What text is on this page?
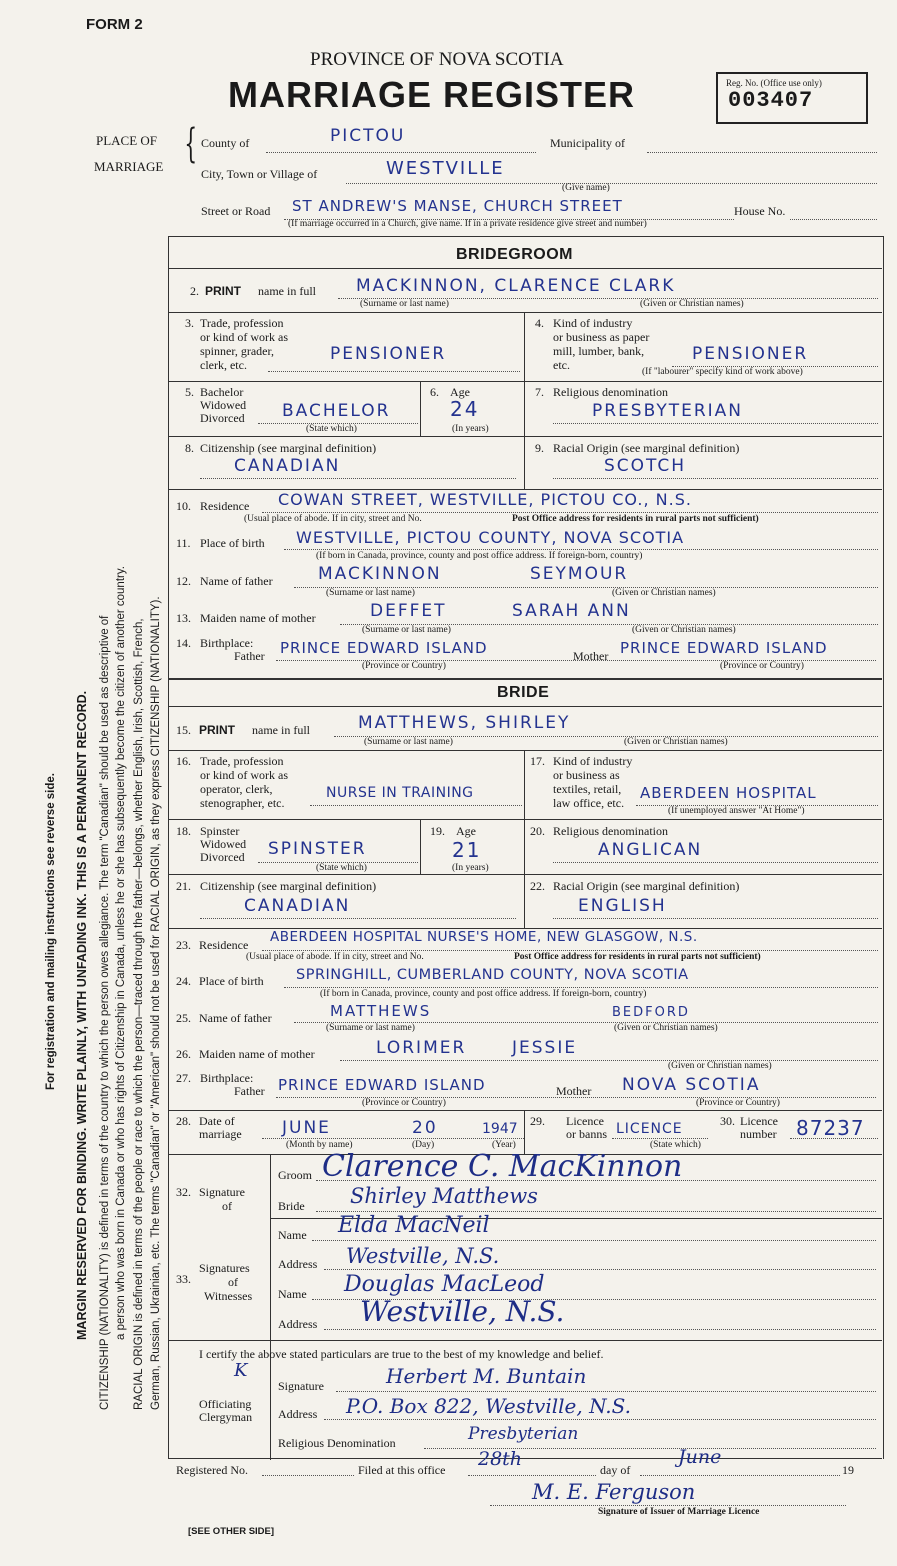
FORM 2
PROVINCE OF NOVA SCOTIA
MARRIAGE REGISTER	Reg. No. (Office use only)
003407
MARGIN RESERVED FOR BINDING. WRITE PLAINLY, WITH UNFADING INK. THIS IS A PERMANENT RECORD.
For registration and mailing instructions see reverse side.	CITIZENSHIP (NATIONALITY) is defined in terms of the country to which the person owes allegiance. The term "Canadian" should be used as descriptive of a person who was born in Canada or who has rights of Citizenship in Canada, unless he or she has subsequently become the citizen of another country. RACIAL ORIGIN is defined in terms of the people or race to which the person—traced through the father—belongs, whether English, Irish, Scottish, French, German, Russian, Ukrainian, etc. The terms "Canadian" or "American" should not be used for RACIAL ORIGIN, as they express CITIZENSHIP (NATIONALITY).
PLACE OF
MARRIAGE { County of	PICTOU	Municipality of
City, Town or Village of	WESTVILLE
(Give name)
Street or Road ST ANDREW'S MANSE, CHURCH STREET	House No.
(If marriage occurred in a Church, give name. If in a private residence give street and number)
BRIDEGROOM
2. PRINT name in full MACKINNON, CLARENCE CLARK
(Surname or last name)	(Given or Christian names)
3. Trade, profession
or kind of work as
spinner, grader,
clerk, etc.
PENSIONER
4. Kind of industry
or business as paper
mill, lumber, bank,
etc.
PENSIONER
(If "labourer" specify kind of work above)
5. Bachelor
Widowed
Divorced BACHELOR
(State which)
6. Age
24
(In years)
7. Religious denomination
PRESBYTERIAN
8. Citizenship (see marginal definition)
CANADIAN
9. Racial Origin (see marginal definition)
SCOTCH
10. Residence COWAN STREET, WESTVILLE, PICTOU CO., N.S.
(Usual place of abode. If in city, street and No.	Post Office address for residents in rural parts not sufficient)
11. Place of birth WESTVILLE, PICTOU COUNTY, NOVA SCOTIA
(If born in Canada, province, county and post office address. If foreign-born, country)
12. Name of father	MACKINNON	SEYMOUR
(Surname or last name)	(Given or Christian names)
13. Maiden name of mother	DEFFET	SARAH ANN
(Surname or last name)	(Given or Christian names)
14. Birthplace:
Father PRINCE EDWARD ISLAND	Mother PRINCE EDWARD ISLAND
(Province or Country)	(Province or Country)
BRIDE
15. PRINT name in full	MATTHEWS, SHIRLEY
(Surname or last name)	(Given or Christian names)
16. Trade, profession
or kind of work as
operator, clerk,
stenographer, etc.
NURSE IN TRAINING
17. Kind of industry
or business as
textiles, retail,
law office, etc.
ABERDEEN HOSPITAL
(If unemployed answer "At Home")
18. Spinster
Widowed
Divorced SPINSTER
(State which)
19. Age
21
(In years)
20. Religious denomination
ANGLICAN
21. Citizenship (see marginal definition)
CANADIAN
22. Racial Origin (see marginal definition)
ENGLISH
23. Residence ABERDEEN HOSPITAL NURSE'S HOME, NEW GLASGOW, N.S.
(Usual place of abode. If in city, street and No.	Post Office address for residents in rural parts not sufficient)
24. Place of birth SPRINGHILL, CUMBERLAND COUNTY, NOVA SCOTIA
(If born in Canada, province, county and post office address. If foreign-born, country)
25. Name of father	MATTHEWS	BEDFORD
(Surname or last name)	(Given or Christian names)
26. Maiden name of mother	LORIMER	JESSIE
(Given or Christian names)
27. Birthplace:
Father PRINCE EDWARD ISLAND	Mother NOVA SCOTIA
(Province or Country)	(Province or Country)
28. Date of
marriage JUNE	20	1947
(Month by name)	(Day)	(Year)
29. Licence
or banns LICENCE
(State which)
30. Licence
number 87237
32. Signature
of
Groom Clarence C. MacKinnon
Bride Shirley Matthews
33.
Signatures
of
Witnesses
Name Elda MacNeil
Address Westville, N.S.
Name Douglas MacLeod
Address Westville, N.S.
I certify the above stated particulars are true to the best of my knowledge and belief.
K
Officiating
Clergyman
Signature	Herbert M. Buntain
Address P.O. Box 822, Westville, N.S.
Religious Denomination	Presbyterian
Registered No.	Filed at this office 28th	day of
June
19
M. E. Ferguson
Signature of Issuer of Marriage Licence
[SEE OTHER SIDE]
